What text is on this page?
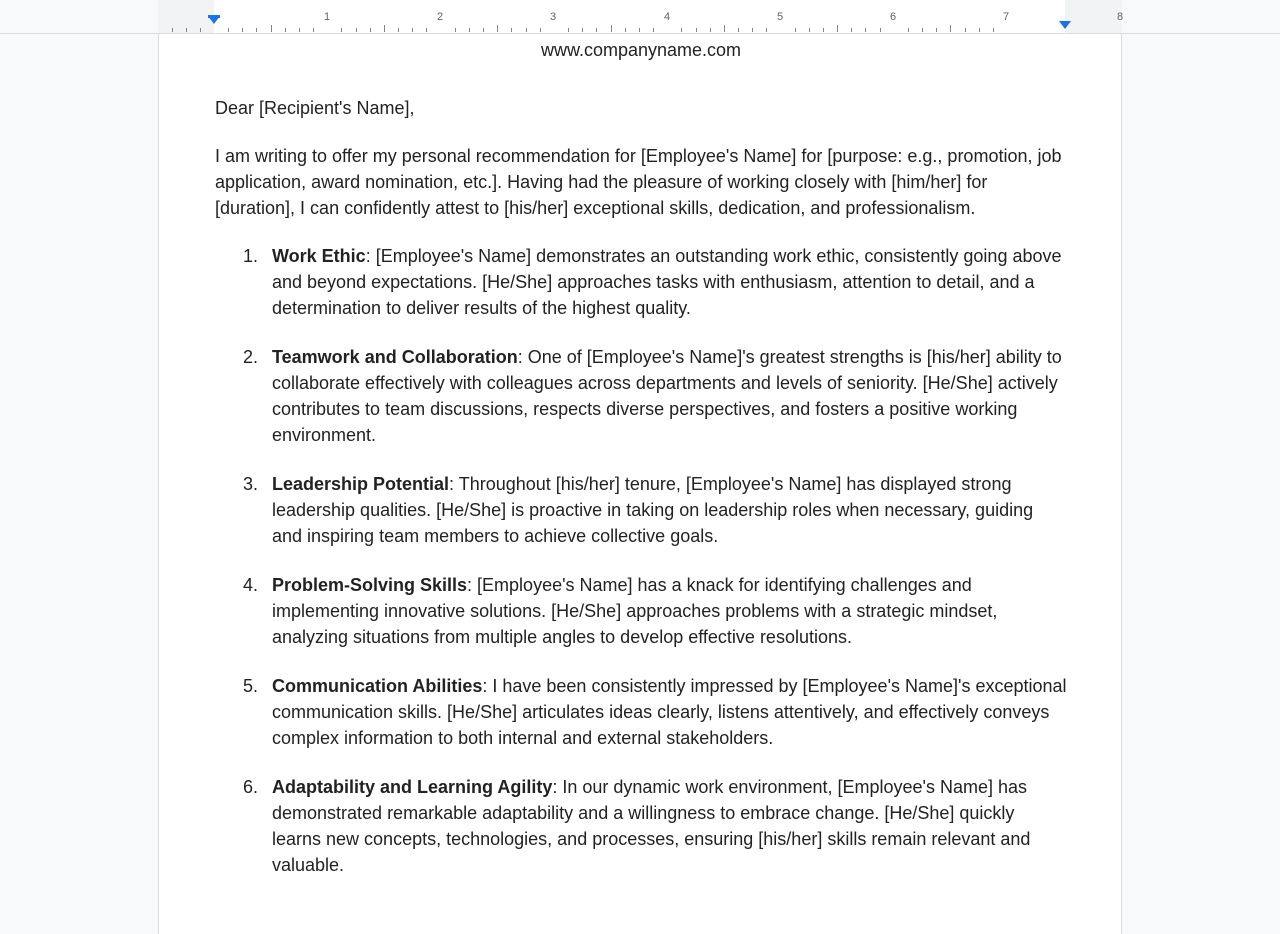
1	2	3	4	5	6	7	8
www.companyname.com

Dear [Recipient's Name],

I am writing to offer my personal recommendation for [Employee's Name] for [purpose: e.g., promotion, job application, award nomination, etc.]. Having had the pleasure of working closely with [him/her] for [duration], I can confidently attest to [his/her] exceptional skills, dedication, and professionalism.

1. Work Ethic: [Employee's Name] demonstrates an outstanding work ethic, consistently going above and beyond expectations. [He/She] approaches tasks with enthusiasm, attention to detail, and a determination to deliver results of the highest quality.
2. Teamwork and Collaboration: One of [Employee's Name]'s greatest strengths is [his/her] ability to collaborate effectively with colleagues across departments and levels of seniority. [He/She] actively contributes to team discussions, respects diverse perspectives, and fosters a positive working environment.
3. Leadership Potential: Throughout [his/her] tenure, [Employee's Name] has displayed strong leadership qualities. [He/She] is proactive in taking on leadership roles when necessary, guiding and inspiring team members to achieve collective goals.
4. Problem-Solving Skills: [Employee's Name] has a knack for identifying challenges and implementing innovative solutions. [He/She] approaches problems with a strategic mindset, analyzing situations from multiple angles to develop effective resolutions.
5. Communication Abilities: I have been consistently impressed by [Employee's Name]'s exceptional communication skills. [He/She] articulates ideas clearly, listens attentively, and effectively conveys complex information to both internal and external stakeholders.
6. Adaptability and Learning Agility: In our dynamic work environment, [Employee's Name] has demonstrated remarkable adaptability and a willingness to embrace change. [He/She] quickly learns new concepts, technologies, and processes, ensuring [his/her] skills remain relevant and valuable.
